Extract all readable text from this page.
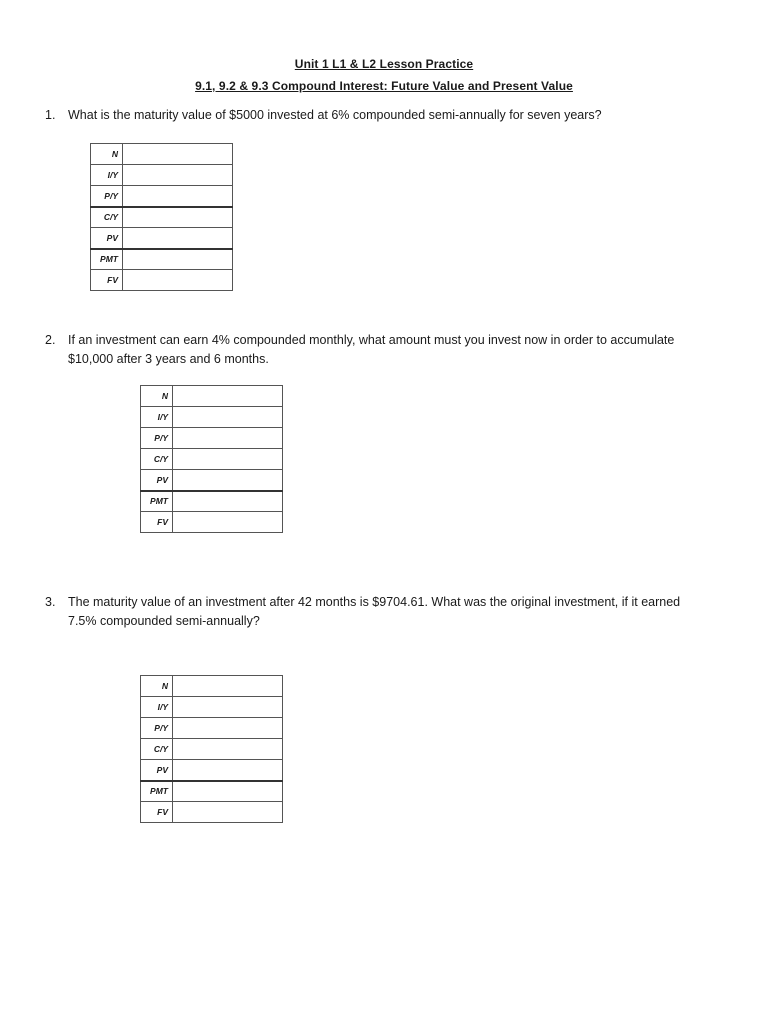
Unit 1 L1 & L2 Lesson Practice
9.1, 9.2 & 9.3 Compound Interest: Future Value and Present Value
1. What is the maturity value of $5000 invested at 6% compounded semi-annually for seven years?
N	
I/Y	
P/Y	
C/Y	
PV	
PMT	
FV	
2. If an investment can earn 4% compounded monthly, what amount must you invest now in order to accumulate $10,000 after 3 years and 6 months.
N	
I/Y	
P/Y	
C/Y	
PV	
PMT	
FV	
3. The maturity value of an investment after 42 months is $9704.61. What was the original investment, if it earned 7.5% compounded semi-annually?
N	
I/Y	
P/Y	
C/Y	
PV	
PMT	
FV	
